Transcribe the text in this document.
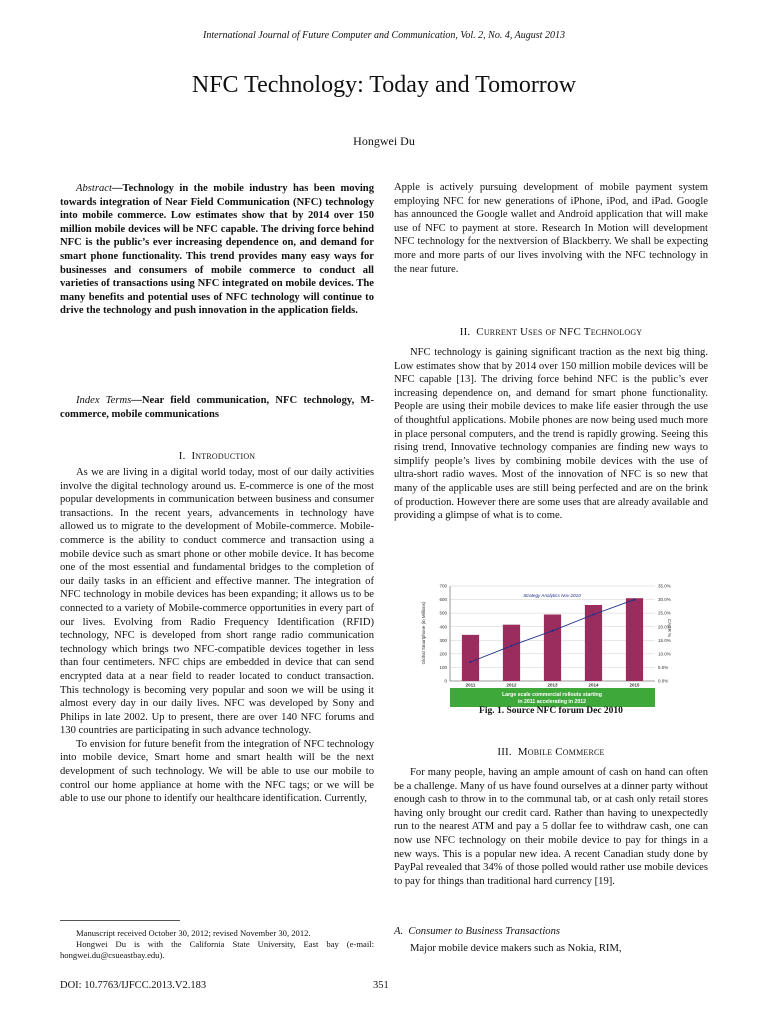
International Journal of Future Computer and Communication, Vol. 2, No. 4, August 2013
NFC Technology: Today and Tomorrow
Hongwei Du
Abstract—Technology in the mobile industry has been moving towards integration of Near Field Communication (NFC) technology into mobile commerce. Low estimates show that by 2014 over 150 million mobile devices will be NFC capable. The driving force behind NFC is the public’s ever increasing dependence on, and demand for smart phone functionality. This trend provides many easy ways for businesses and consumers of mobile commerce to conduct all varieties of transactions using NFC integrated on mobile devices. The many benefits and potential uses of NFC technology will continue to drive the technology and push innovation in the application fields.
Index Terms—Near field communication, NFC technology, M-commerce, mobile communications
I. Introduction

As we are living in a digital world today, most of our daily activities involve the digital technology around us. E-commerce is one of the most popular developments in communication between business and consumer transactions. In the recent years, advancements in technology have allowed us to migrate to the development of Mobile-commerce. Mobile-commerce is the ability to conduct commerce and transaction using a mobile device such as smart phone or other mobile device. It has become one of the most essential and fundamental bridges to the completion of our daily tasks in an efficient and effective manner. The integration of NFC technology in mobile devices has been expanding; it allows us to be connected to a variety of Mobile-commerce opportunities in every part of our lives. Evolving from Radio Frequency Identification (RFID) technology, NFC is developed from short range radio communication technology which brings two NFC-compatible devices together in less than four centimeters. NFC chips are embedded in device that can send encrypted data at a near field to reader located to conduct transaction. This technology is becoming very popular and soon we will be using it almost every day in our daily lives. NFC was developed by Sony and Philips in late 2002. Up to present, there are over 140 NFC forums and 130 countries are participating in such advance technology.

To envision for future benefit from the integration of NFC technology into mobile device, Smart home and smart health will be the next development of such technology. We will be able to use our mobile to control our home appliance at home with the NFC tags; or we will be able to use our phone to identify our healthcare identification. Currently,

Manuscript received October 30, 2012; revised November 30, 2012.

Hongwei Du is with the California State University, East bay (e-mail: hongwei.du@csueastbay.edu).

DOI: 10.7763/IJFCC.2013.V2.183	351

Apple is actively pursuing development of mobile payment system employing NFC for new generations of iPhone, iPod, and iPad. Google has announced the Google wallet and Android application that will make use of NFC to payment at store. Research In Motion will development NFC technology for the nextversion of Blackberry. We shall be expecting more and more parts of our lives involving with the NFC technology in the near future.

II. Current Uses of NFC Technology

NFC technology is gaining significant traction as the next big thing. Low estimates show that by 2014 over 150 million mobile devices will be NFC capable [13]. The driving force behind NFC is the public’s ever increasing dependence on, and demand for smart phone functionality. People are using their mobile devices to make life easier through the use of thoughtful applications. Mobile phones are now being used much more in place personal computers, and the trend is rapidly growing. Seeing this rising trend, Innovative technology companies are finding new ways to simplify people’s lives by combining mobile devices with the use of ultra-short radio waves. Most of the innovation of NFC is so new that many of the applicable uses are still being perfected and are on the brink of production. However there are some uses that are already available and providing a glimpse of what is to come.

0
100
200
300
400
500
600
700
0.0%
5.0%
10.0%
15.0%
20.0%
25.0%
30.0%
35.0%
2011	2012	2013	2014	2015
Global Smartphone (in Millions)	CAGR %
Strategy Analytics Nov 2010
Large scale commercial rollouts starting
in 2011 accelerating in 2012
Fig. 1. Source NFC forum Dec 2010
III. Mobile Commerce

For many people, having an ample amount of cash on hand can often be a challenge. Many of us have found ourselves at a dinner party without enough cash to throw in to the communal tab, or at cash only retail stores having only brought our credit card. Rather than having to unexpectedly run to the nearest ATM and pay a 5 dollar fee to withdraw cash, one can now use NFC technology on their mobile device to pay for things in a new ways. This is a popular new idea. A recent Canadian study done by PayPal revealed that 34% of those polled would rather use mobile devices to pay for things than traditional hard currency [19].

A. Consumer to Business Transactions

Major mobile device makers such as Nokia, RIM,
